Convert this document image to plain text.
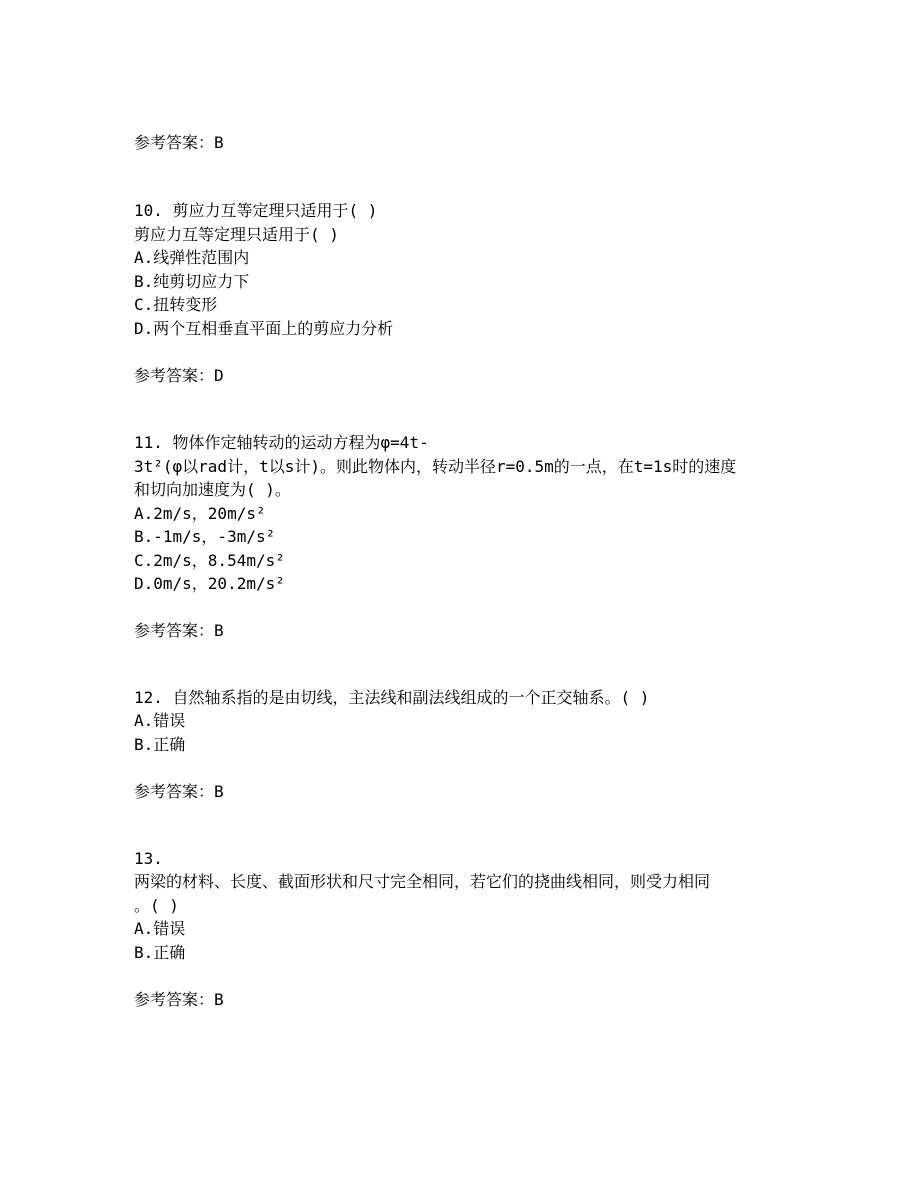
参考答案：B
10. 剪应力互等定理只适用于( )
剪应力互等定理只适用于( )
A.线弹性范围内
B.纯剪切应力下
C.扭转变形
D.两个互相垂直平面上的剪应力分析
参考答案：D
11. 物体作定轴转动的运动方程为φ=4t-
3t²(φ以rad计，t以s计)。则此物体内，转动半径r=0.5m的一点，在t=1s时的速度
和切向加速度为( )。
A.2m/s，20m/s²
B.-1m/s，-3m/s²
C.2m/s，8.54m/s²
D.0m/s，20.2m/s²
参考答案：B
12. 自然轴系指的是由切线，主法线和副法线组成的一个正交轴系。( )
A.错误
B.正确
参考答案：B
13.
两梁的材料、长度、截面形状和尺寸完全相同，若它们的挠曲线相同，则受力相同
。( )
A.错误
B.正确
参考答案：B
